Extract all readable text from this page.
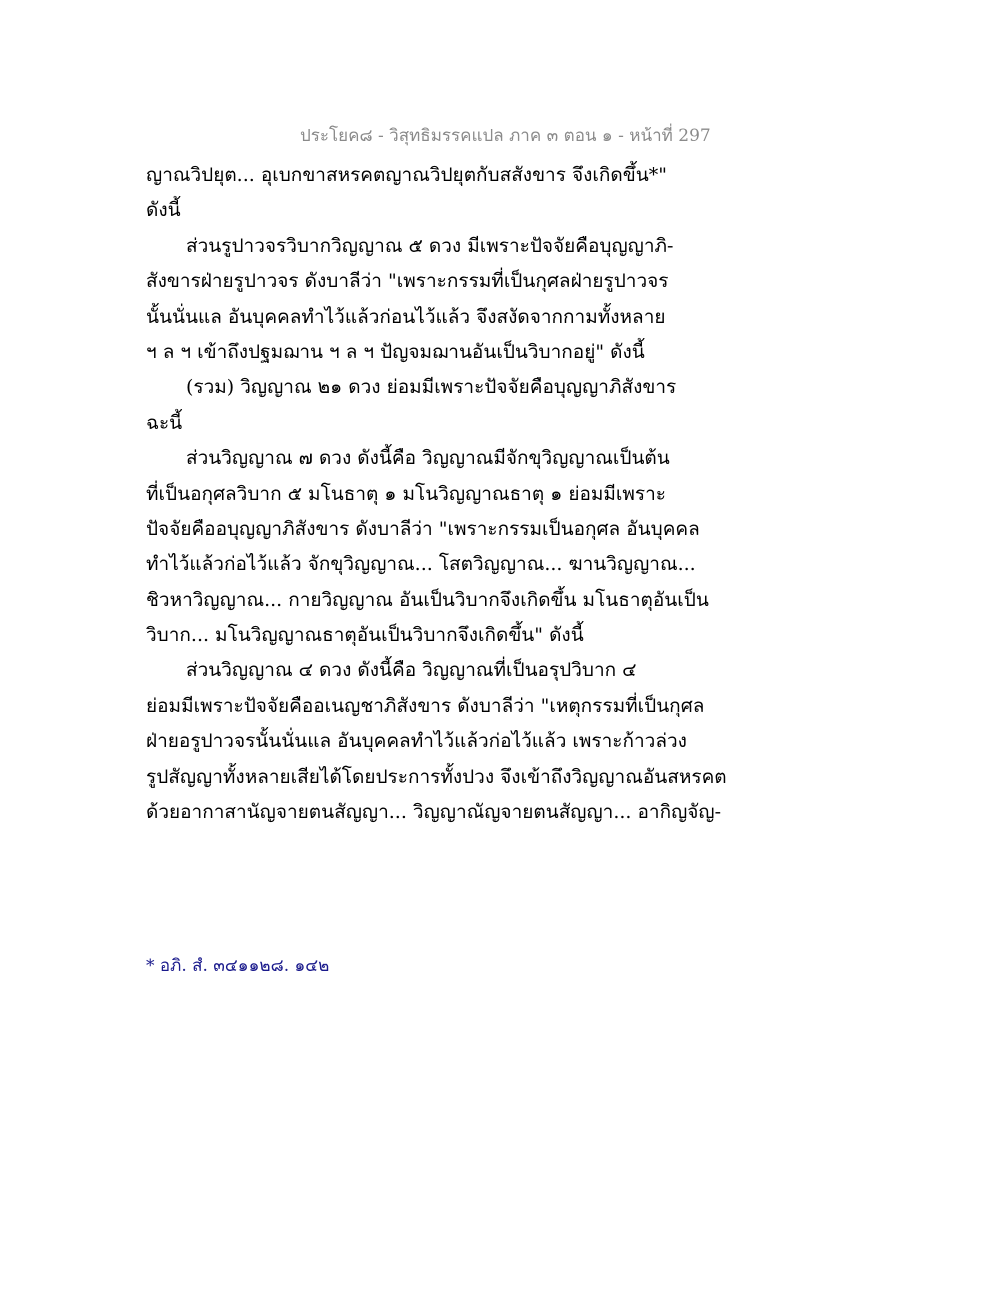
ประโยค๘ - วิสุทธิมรรคแปล ภาค ๓ ตอน ๑ - หน้าที่ 297
ญาณวิปยุต... อุเบกขาสหรคตญาณวิปยุตกับสสังขาร จึงเกิดขึ้น*"
ดังนี้
ส่วนรูปาวจรวิบากวิญญาณ ๕ ดวง มีเพราะปัจจัยคือบุญญาภิ-
สังขารฝ่ายรูปาวจร ดังบาลีว่า "เพราะกรรมที่เป็นกุศลฝ่ายรูปาวจร
นั้นนั่นแล อันบุคคลทำไว้แล้วก่อนไว้แล้ว จึงสงัดจากกามทั้งหลาย
ฯ ล ฯ เข้าถึงปฐมฌาน ฯ ล ฯ ปัญจมฌานอันเป็นวิบากอยู่" ดังนี้
(รวม) วิญญาณ ๒๑ ดวง ย่อมมีเพราะปัจจัยคือบุญญาภิสังขาร
ฉะนี้
ส่วนวิญญาณ ๗ ดวง ดังนี้คือ วิญญาณมีจักขุวิญญาณเป็นต้น
ที่เป็นอกุศลวิบาก ๕ มโนธาตุ ๑ มโนวิญญาณธาตุ ๑ ย่อมมีเพราะ
ปัจจัยคืออบุญญาภิสังขาร ดังบาลีว่า "เพราะกรรมเป็นอกุศล อันบุคคล
ทำไว้แล้วก่อไว้แล้ว จักขุวิญญาณ... โสตวิญญาณ... ฆานวิญญาณ...
ชิวหาวิญญาณ... กายวิญญาณ อันเป็นวิบากจึงเกิดขึ้น มโนธาตุอันเป็น
วิบาก... มโนวิญญาณธาตุอันเป็นวิบากจึงเกิดขึ้น" ดังนี้
ส่วนวิญญาณ ๔ ดวง ดังนี้คือ วิญญาณที่เป็นอรุปวิบาก ๔
ย่อมมีเพราะปัจจัยคืออเนญชาภิสังขาร ดังบาลีว่า "เหตุกรรมที่เป็นกุศล
ฝ่ายอรูปาวจรนั้นนั่นแล อันบุคคลทำไว้แล้วก่อไว้แล้ว เพราะก้าวล่วง
รูปสัญญาทั้งหลายเสียได้โดยประการทั้งปวง จึงเข้าถึงวิญญาณอันสหรคต
ด้วยอากาสานัญจายตนสัญญา... วิญญาณัญจายตนสัญญา... อากิญจัญ-
* อภิ. สํ. ๓๔๑๑๒๘. ๑๔๒
